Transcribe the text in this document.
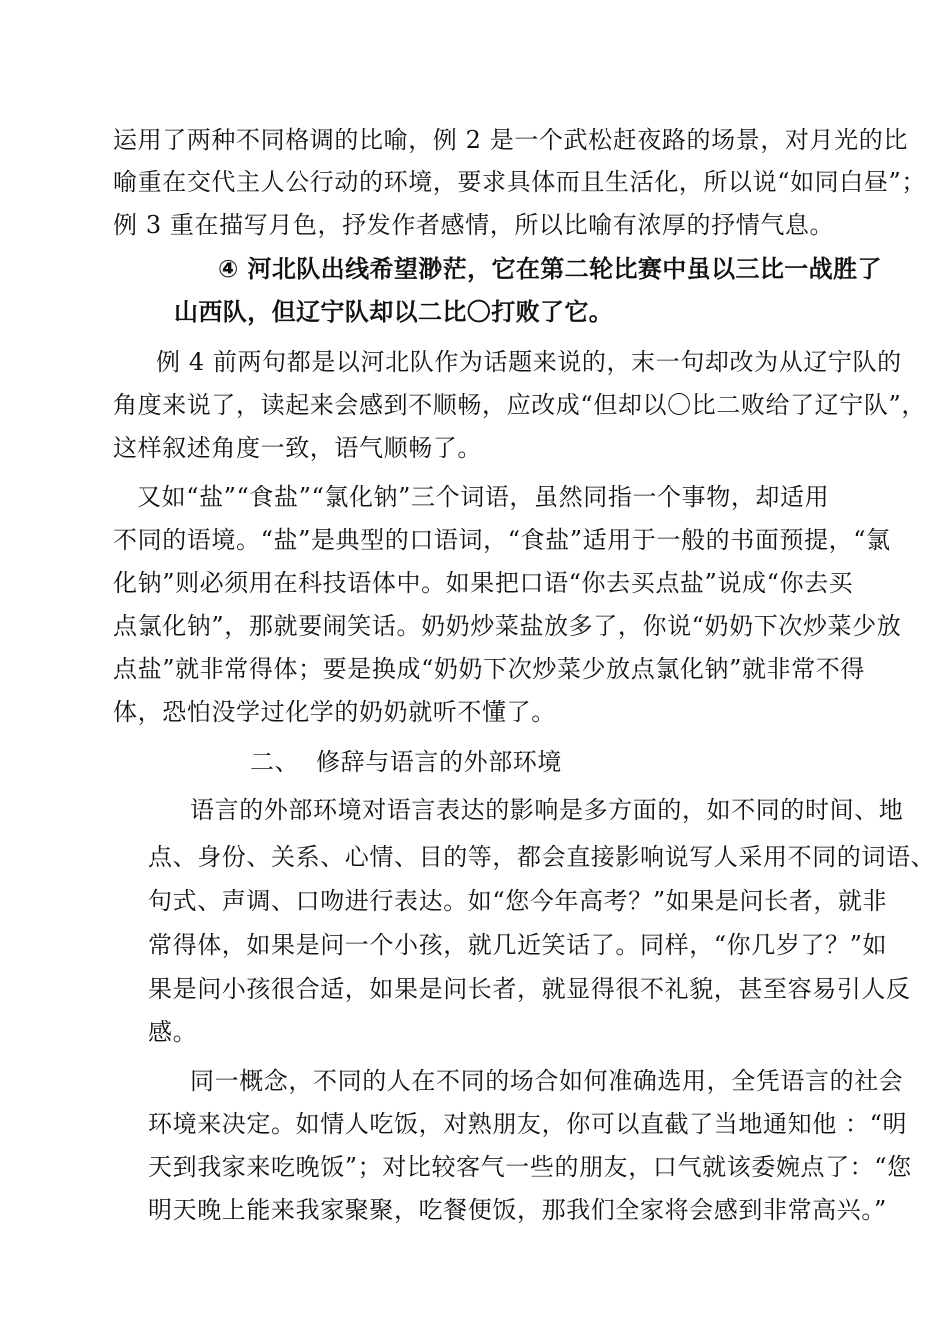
运用了两种不同格调的比喻，例 2 是一个武松赶夜路的场景，对月光的比
喻重在交代主人公行动的环境，要求具体而且生活化，所以说“如同白昼”；
例 3 重在描写月色，抒发作者感情，所以比喻有浓厚的抒情气息。
④ 河北队出线希望渺茫，它在第二轮比赛中虽以三比一战胜了
山西队，但辽宁队却以二比〇打败了它。
例 4 前两句都是以河北队作为话题来说的，末一句却改为从辽宁队的
角度来说了，读起来会感到不顺畅，应改成“但却以〇比二败给了辽宁队”，
这样叙述角度一致，语气顺畅了。
又如“盐”“食盐”“氯化钠”三个词语，虽然同指一个事物，却适用
不同的语境。“盐”是典型的口语词，“食盐”适用于一般的书面预提，“氯
化钠”则必须用在科技语体中。如果把口语“你去买点盐”说成“你去买
点氯化钠”，那就要闹笑话。奶奶炒菜盐放多了，你说“奶奶下次炒菜少放
点盐”就非常得体；要是换成“奶奶下次炒菜少放点氯化钠”就非常不得
体，恐怕没学过化学的奶奶就听不懂了。
二、 修辞与语言的外部环境
语言的外部环境对语言表达的影响是多方面的，如不同的时间、地
点、身份、关系、心情、目的等，都会直接影响说写人采用不同的词语、
句式、声调、口吻进行表达。如“您今年高考？”如果是问长者，就非
常得体，如果是问一个小孩，就几近笑话了。同样，“你几岁了？”如
果是问小孩很合适，如果是问长者，就显得很不礼貌，甚至容易引人反
感。
同一概念，不同的人在不同的场合如何准确选用，全凭语言的社会
环境来决定。如情人吃饭，对熟朋友，你可以直截了当地通知他 ：“明
天到我家来吃晚饭”；对比较客气一些的朋友，口气就该委婉点了：“您
明天晚上能来我家聚聚，吃餐便饭，那我们全家将会感到非常高兴。”
